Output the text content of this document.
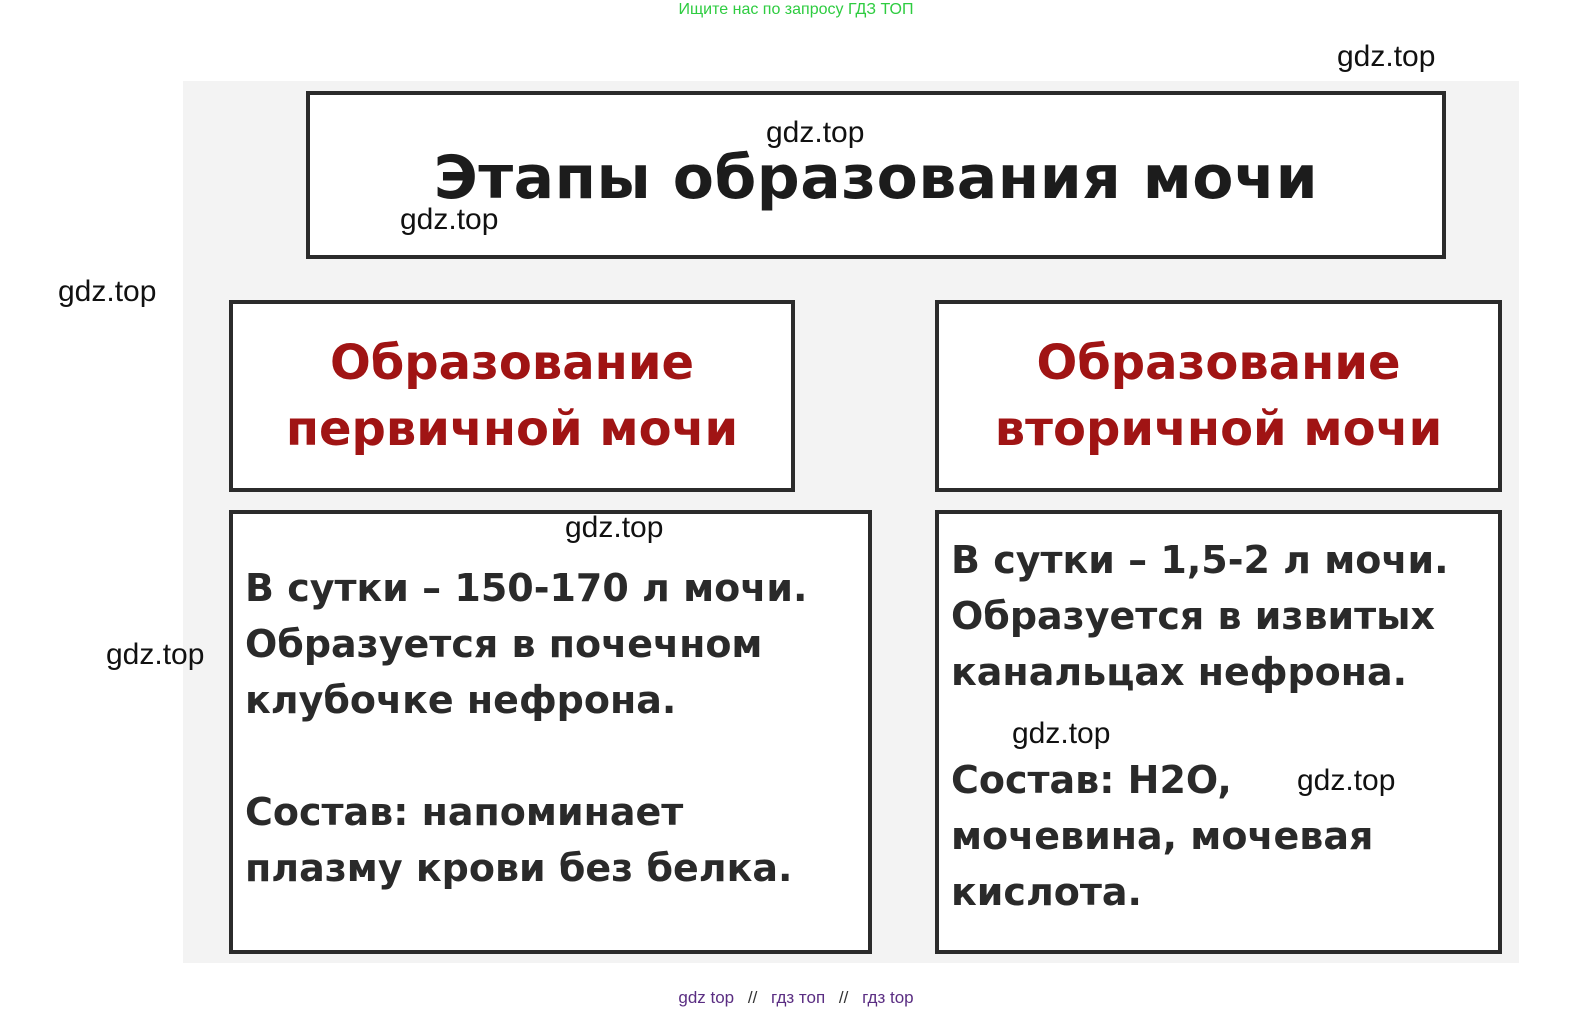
Ищите нас по запросу ГДЗ ТОП
Этапы образования мочи
Образование
первичной мочи
Образование
вторичной мочи
В сутки – 150-170 л мочи.
Образуется в почечном
клубочке нефрона.
Состав: напоминает
плазму крови без белка.
В сутки – 1,5-2 л мочи.
Образуется в извитых
канальцах нефрона.
Состав: H2O,
мочевина, мочевая
кислота.
gdz.top
gdz.top
gdz.top
gdz.top
gdz.top
gdz.top
gdz.top
gdz.top
gdz top // гдз топ // гдз top
